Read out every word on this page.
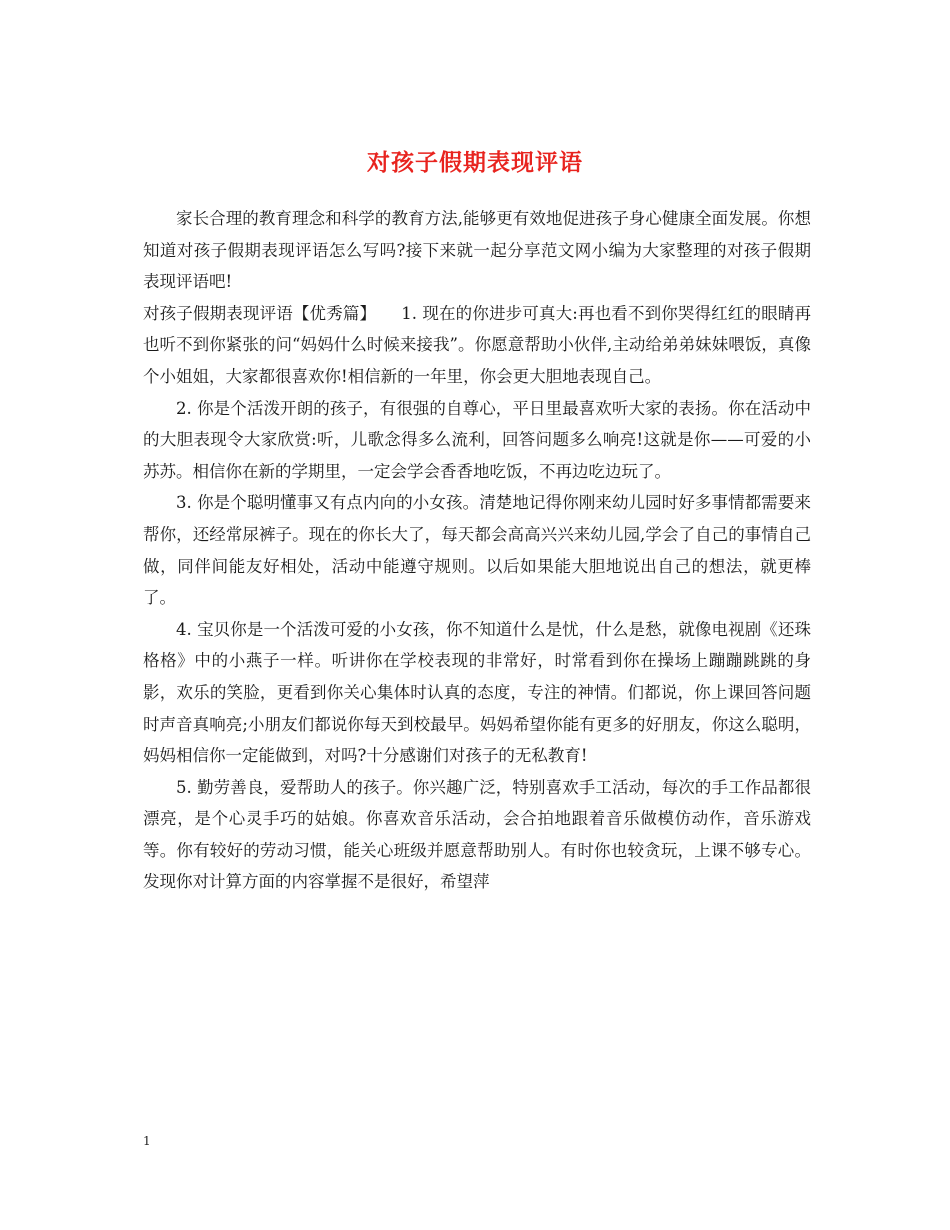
对孩子假期表现评语

家长合理的教育理念和科学的教育方法,能够更有效地促进孩子身心健康全面发展。你想知道对孩子假期表现评语怎么写吗?接下来就一起分享范文网小编为大家整理的对孩子假期表现评语吧!

对孩子假期表现评语【优秀篇】　　1. 现在的你进步可真大:再也看不到你哭得红红的眼睛再也听不到你紧张的问“妈妈什么时候来接我”。你愿意帮助小伙伴,主动给弟弟妹妹喂饭，真像个小姐姐，大家都很喜欢你!相信新的一年里，你会更大胆地表现自己。

2. 你是个活泼开朗的孩子，有很强的自尊心，平日里最喜欢听大家的表扬。你在活动中的大胆表现令大家欣赏:听，儿歌念得多么流利，回答问题多么响亮!这就是你——可爱的小苏苏。相信你在新的学期里，一定会学会香香地吃饭，不再边吃边玩了。

3. 你是个聪明懂事又有点内向的小女孩。清楚地记得你刚来幼儿园时好多事情都需要来帮你，还经常尿裤子。现在的你长大了，每天都会高高兴兴来幼儿园,学会了自己的事情自己做，同伴间能友好相处，活动中能遵守规则。以后如果能大胆地说出自己的想法，就更棒了。

4. 宝贝你是一个活泼可爱的小女孩，你不知道什么是忧，什么是愁，就像电视剧《还珠格格》中的小燕子一样。听讲你在学校表现的非常好，时常看到你在操场上蹦蹦跳跳的身影，欢乐的笑脸，更看到你关心集体时认真的态度，专注的神情。们都说，你上课回答问题时声音真响亮;小朋友们都说你每天到校最早。妈妈希望你能有更多的好朋友，你这么聪明，妈妈相信你一定能做到，对吗?十分感谢们对孩子的无私教育!

5. 勤劳善良，爱帮助人的孩子。你兴趣广泛，特别喜欢手工活动，每次的手工作品都很漂亮，是个心灵手巧的姑娘。你喜欢音乐活动，会合拍地跟着音乐做模仿动作，音乐游戏等。你有较好的劳动习惯，能关心班级并愿意帮助别人。有时你也较贪玩，上课不够专心。发现你对计算方面的内容掌握不是很好，希望萍

1
